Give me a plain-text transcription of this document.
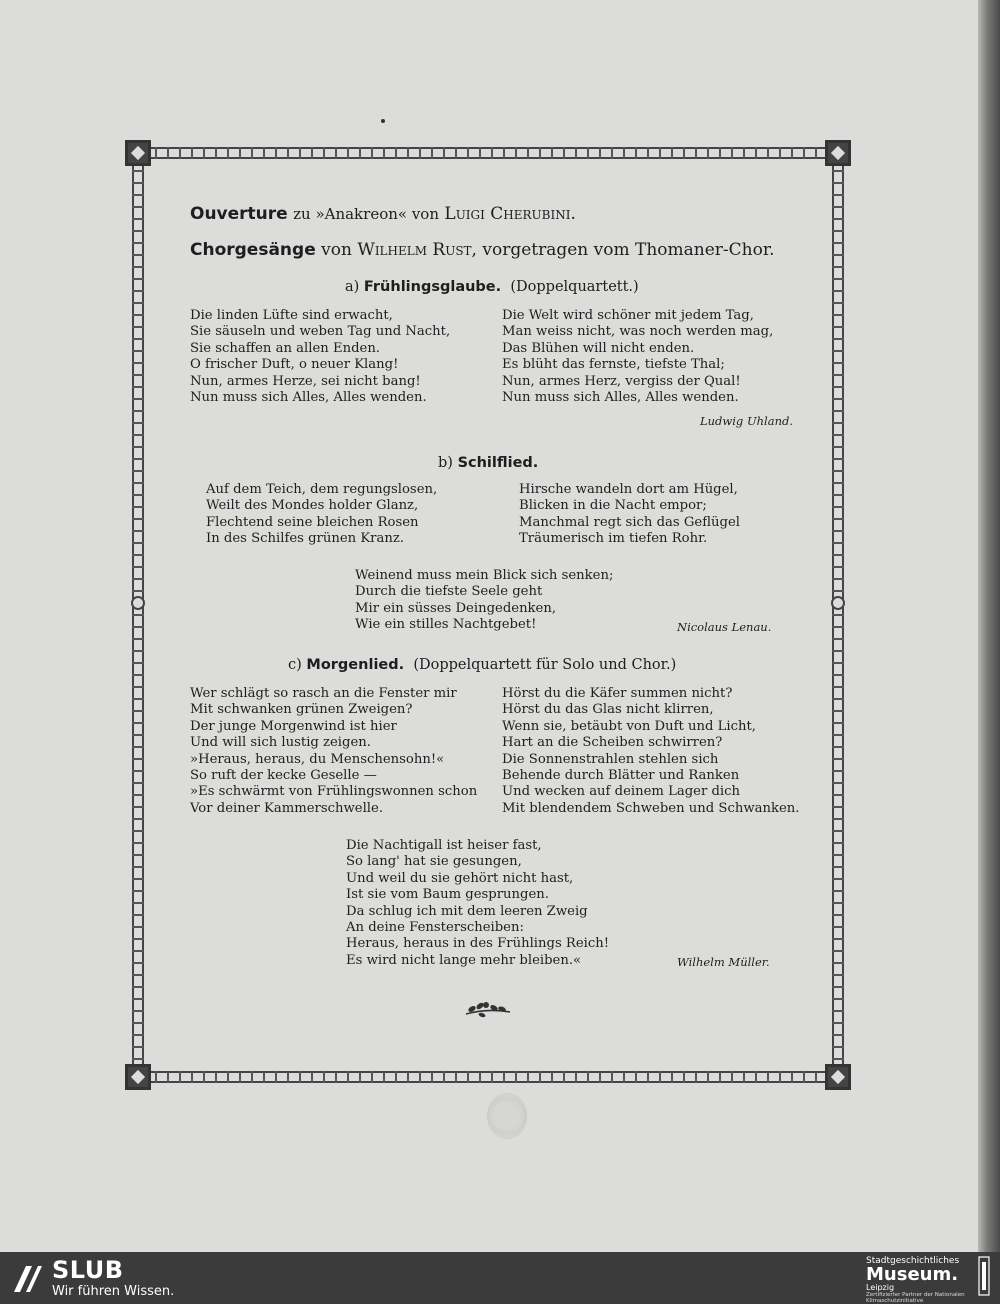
Ouverture zu »Anakreon« von Luigi Cherubini.
Chorgesänge von Wilhelm Rust, vorgetragen vom Thomaner-Chor.
a) Frühlingsglaube. (Doppelquartett.)
Die linden Lüfte sind erwacht,
Sie säuseln und weben Tag und Nacht,
Sie schaffen an allen Enden.
O frischer Duft, o neuer Klang!
Nun, armes Herze, sei nicht bang!
Nun muss sich Alles, Alles wenden.
Die Welt wird schöner mit jedem Tag,
Man weiss nicht, was noch werden mag,
Das Blühen will nicht enden.
Es blüht das fernste, tiefste Thal;
Nun, armes Herz, vergiss der Qual!
Nun muss sich Alles, Alles wenden.
Ludwig Uhland.
b) Schilflied.
Auf dem Teich, dem regungslosen,
Weilt des Mondes holder Glanz,
Flechtend seine bleichen Rosen
In des Schilfes grünen Kranz.
Hirsche wandeln dort am Hügel,
Blicken in die Nacht empor;
Manchmal regt sich das Geflügel
Träumerisch im tiefen Rohr.
Weinend muss mein Blick sich senken;
Durch die tiefste Seele geht
Mir ein süsses Deingedenken,
Wie ein stilles Nachtgebet!	Nicolaus Lenau.
c) Morgenlied. (Doppelquartett für Solo und Chor.)
Wer schlägt so rasch an die Fenster mir
Mit schwanken grünen Zweigen?
Der junge Morgenwind ist hier
Und will sich lustig zeigen.
»Heraus, heraus, du Menschensohn!«
So ruft der kecke Geselle —
»Es schwärmt von Frühlingswonnen schon
Vor deiner Kammerschwelle.
Hörst du die Käfer summen nicht?
Hörst du das Glas nicht klirren,
Wenn sie, betäubt von Duft und Licht,
Hart an die Scheiben schwirren?
Die Sonnenstrahlen stehlen sich
Behende durch Blätter und Ranken
Und wecken auf deinem Lager dich
Mit blendendem Schweben und Schwanken.
Die Nachtigall ist heiser fast,
So lang' hat sie gesungen,
Und weil du sie gehört nicht hast,
Ist sie vom Baum gesprungen.
Da schlug ich mit dem leeren Zweig
An deine Fensterscheiben:
Heraus, heraus in des Frühlings Reich!
Es wird nicht lange mehr bleiben.«	Wilhelm Müller.
SLUB
Wir führen Wissen.
Stadtgeschichtliches
Museum.
Leipzig
Zertifizierter Partner der Nationalen Klimaschutzinitiative
